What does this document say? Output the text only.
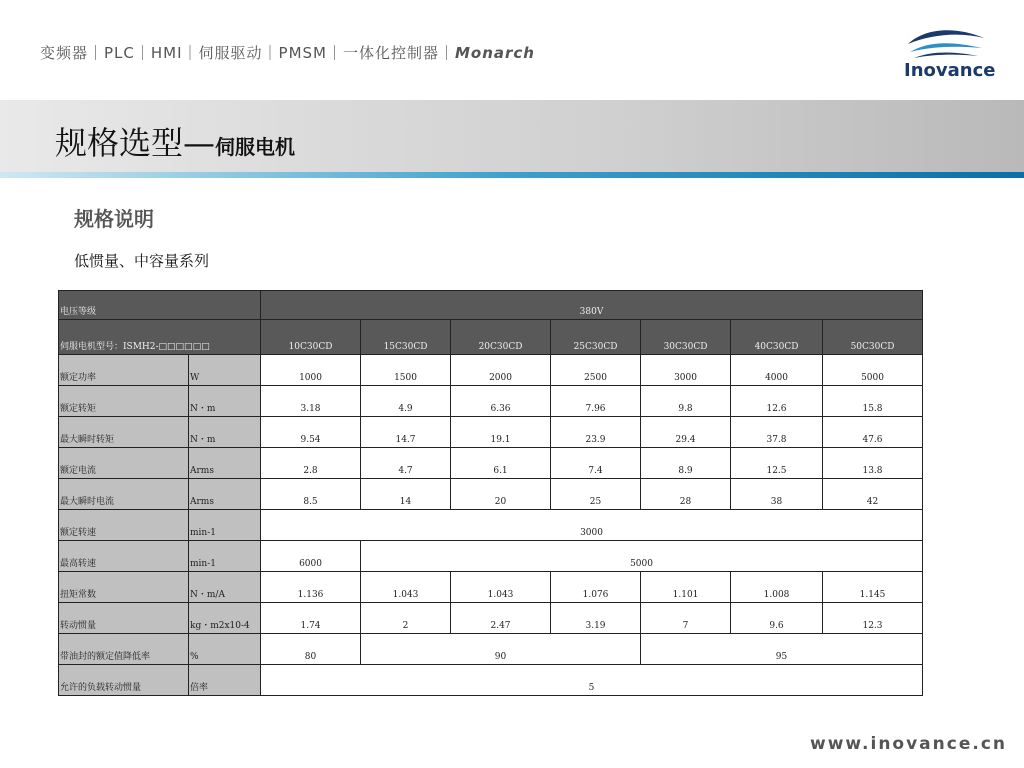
变频器｜PLC｜HMI｜伺服驱动｜PMSM｜一体化控制器｜Monarch
Inovance
规格选型—伺服电机
规格说明
低惯量、中容量系列
电压等级		380V						
伺服电机型号：ISMH2-□□□□□□		10C30CD	15C30CD	20C30CD	25C30CD	30C30CD	40C30CD	50C30CD
额定功率	W	1000	1500	2000	2500	3000	4000	5000
额定转矩	N・m	3.18	4.9	6.36	7.96	9.8	12.6	15.8
最大瞬时转矩	N・m	9.54	14.7	19.1	23.9	29.4	37.8	47.6
额定电流	Arms	2.8	4.7	6.1	7.4	8.9	12.5	13.8
最大瞬时电流	Arms	8.5	14	20	25	28	38	42
额定转速	min-1	3000						
最高转速	min-1	6000	5000					
扭矩常数	N・m/A	1.136	1.043	1.043	1.076	1.101	1.008	1.145
转动惯量	kg・m2x10-4	1.74	2	2.47	3.19	7	9.6	12.3
带油封的额定值降低率	%	80	90			95		
允许的负载转动惯量	倍率	5						
www.inovance.cn
